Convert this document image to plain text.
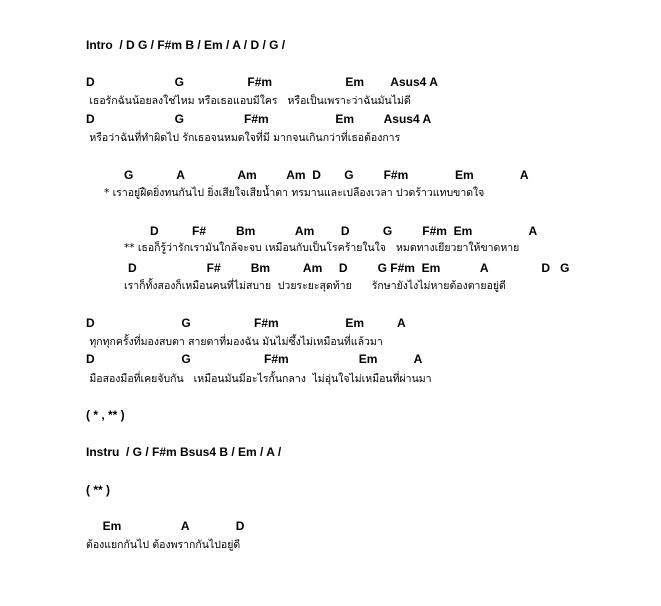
Intro  / D G / F#m B / Em / A / D / G /
D                        G                   F#m                      Em        Asus4 A
เธอรักฉันน้อยลงใช่ไหม หรือเธอแอบมีใคร   หรือเป็นเพราะว่าฉันมันไม่ดี
D                        G                  F#m                    Em         Asus4 A
หรือว่าฉันที่ทำผิดไป รักเธอจนหมดใจที่มี มากจนเกินกว่าที่เธอต้องการ
G             A                Am         Am  D       G         F#m              Em              A
* เราอยู่ฝืดยิ่งทนกันไป ยิ่งเสียใจเสียน้ำตา ทรมานและเปลืองเวลา ปวดร้าวแทบขาดใจ
D          F#         Bm            Am        D          G         F#m  Em                 A
** เธอก็รู้ว่ารักเรามันใกล้จะจบ เหมือนกับเป็นโรคร้ายในใจ   หมดทางเยียวยาให้ขาดหาย
D                     F#         Bm          Am     D         G F#m  Em            A                D   G
เราก็ทั้งสองก็เหมือนคนที่ไม่สบาย  ปวยระยะสุดท้าย      รักษายังไงไม่หายต้องตายอยู่ดี
D                          G                   F#m                    Em          A
ทุกทุกครั้งที่มองสบตา สายตาที่มองฉัน มันไม่ซึ้งไม่เหมือนที่แล้วมา
D                          G                      F#m                     Em           A
มือสองมือที่เคยจับกัน   เหมือนมันมีอะไรกั้นกลาง  ไม่อุ่นใจไม่เหมือนที่ผ่านมา
( * , ** )
Instru  / G / F#m Bsus4 B / Em / A /
( ** )
Em                  A              D
ต้องแยกกันไป ต้องพรากกันไปอยู่ดี
